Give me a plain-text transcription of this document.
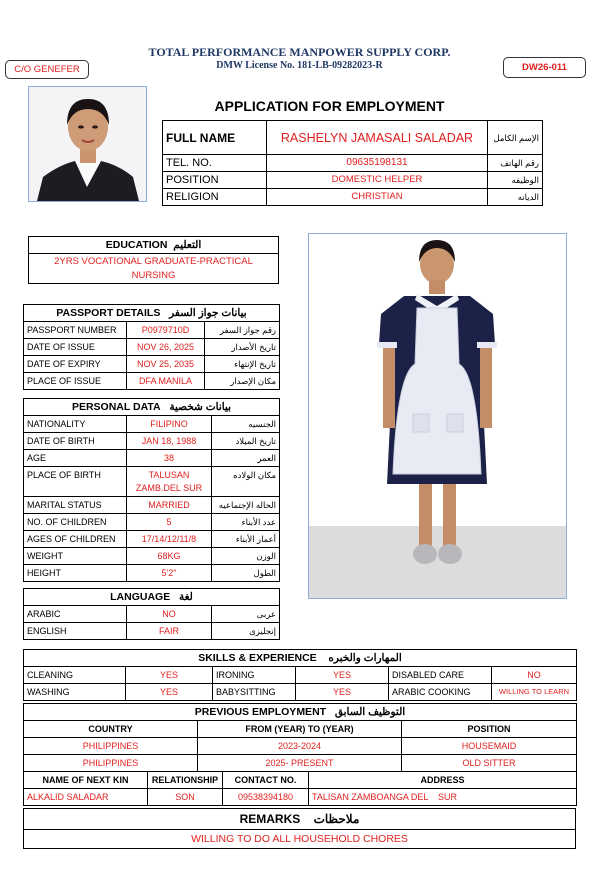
TOTAL PERFORMANCE MANPOWER SUPPLY CORP.
DMW License No. 181-LB-09282023-R
C/O GENEFER	DW26-011
APPLICATION FOR EMPLOYMENT
FULL NAME	RASHELYN JAMASALI SALADAR	الإسم الكامل
TEL. NO.	09635198131	رقم الهاتف
POSITION	DOMESTIC HELPER	الوظيفه
RELIGION	CHRISTIAN	الديانه
EDUCATION التعليم
2YRS VOCATIONAL GRADUATE-PRACTICAL NURSING
PASSPORT DETAILS بيانات جواز السفر		
PASSPORT NUMBER	P0979710D	رقم جواز السفر
DATE OF ISSUE	NOV 26, 2025	تاريخ الأصدار
DATE OF EXPIRY	NOV 25, 2035	تاريخ الإنتهاء
PLACE OF ISSUE	DFA MANILA	مكان الإصدار
PERSONAL DATA بيانات شخصية		
NATIONALITY	FILIPINO	الجنسيه
DATE OF BIRTH	JAN 18, 1988	تاريخ الميلاد
AGE	38	العمر
PLACE OF BIRTH	TALUSAN ZAMB.DEL SUR	مكان الولاده
MARITAL STATUS	MARRIED	الحاله الإجتماعيه
NO. OF CHILDREN	5	عدد الأبناء
AGES OF CHILDREN	17/14/12/11/8	أعمار الأبناء
WEIGHT	68KG	الوزن
HEIGHT	5'2"	الطول
LANGUAGE لغة		
ARABIC	NO	عربى
ENGLISH	FAIR	إنجليزى
SKILLS & EXPERIENCE المهارات والخبره					
CLEANING	YES	IRONING	YES	DISABLED CARE	NO
WASHING	YES	BABYSITTING	YES	ARABIC COOKING	WILLING TO LEARN
PREVIOUS EMPLOYMENT التوظيف السابق		
COUNTRY	FROM (YEAR) TO (YEAR)	POSITION
PHILIPPINES	2023-2024	HOUSEMAID
PHILIPPINES	2025- PRESENT	OLD SITTER
NAME OF NEXT KIN	RELATIONSHIP	CONTACT NO.	ADDRESS
ALKALID SALADAR	SON	09538394180	TALISAN ZAMBOANGA DEL    SUR
REMARKS ملاحظات
WILLING TO DO ALL HOUSEHOLD CHORES
